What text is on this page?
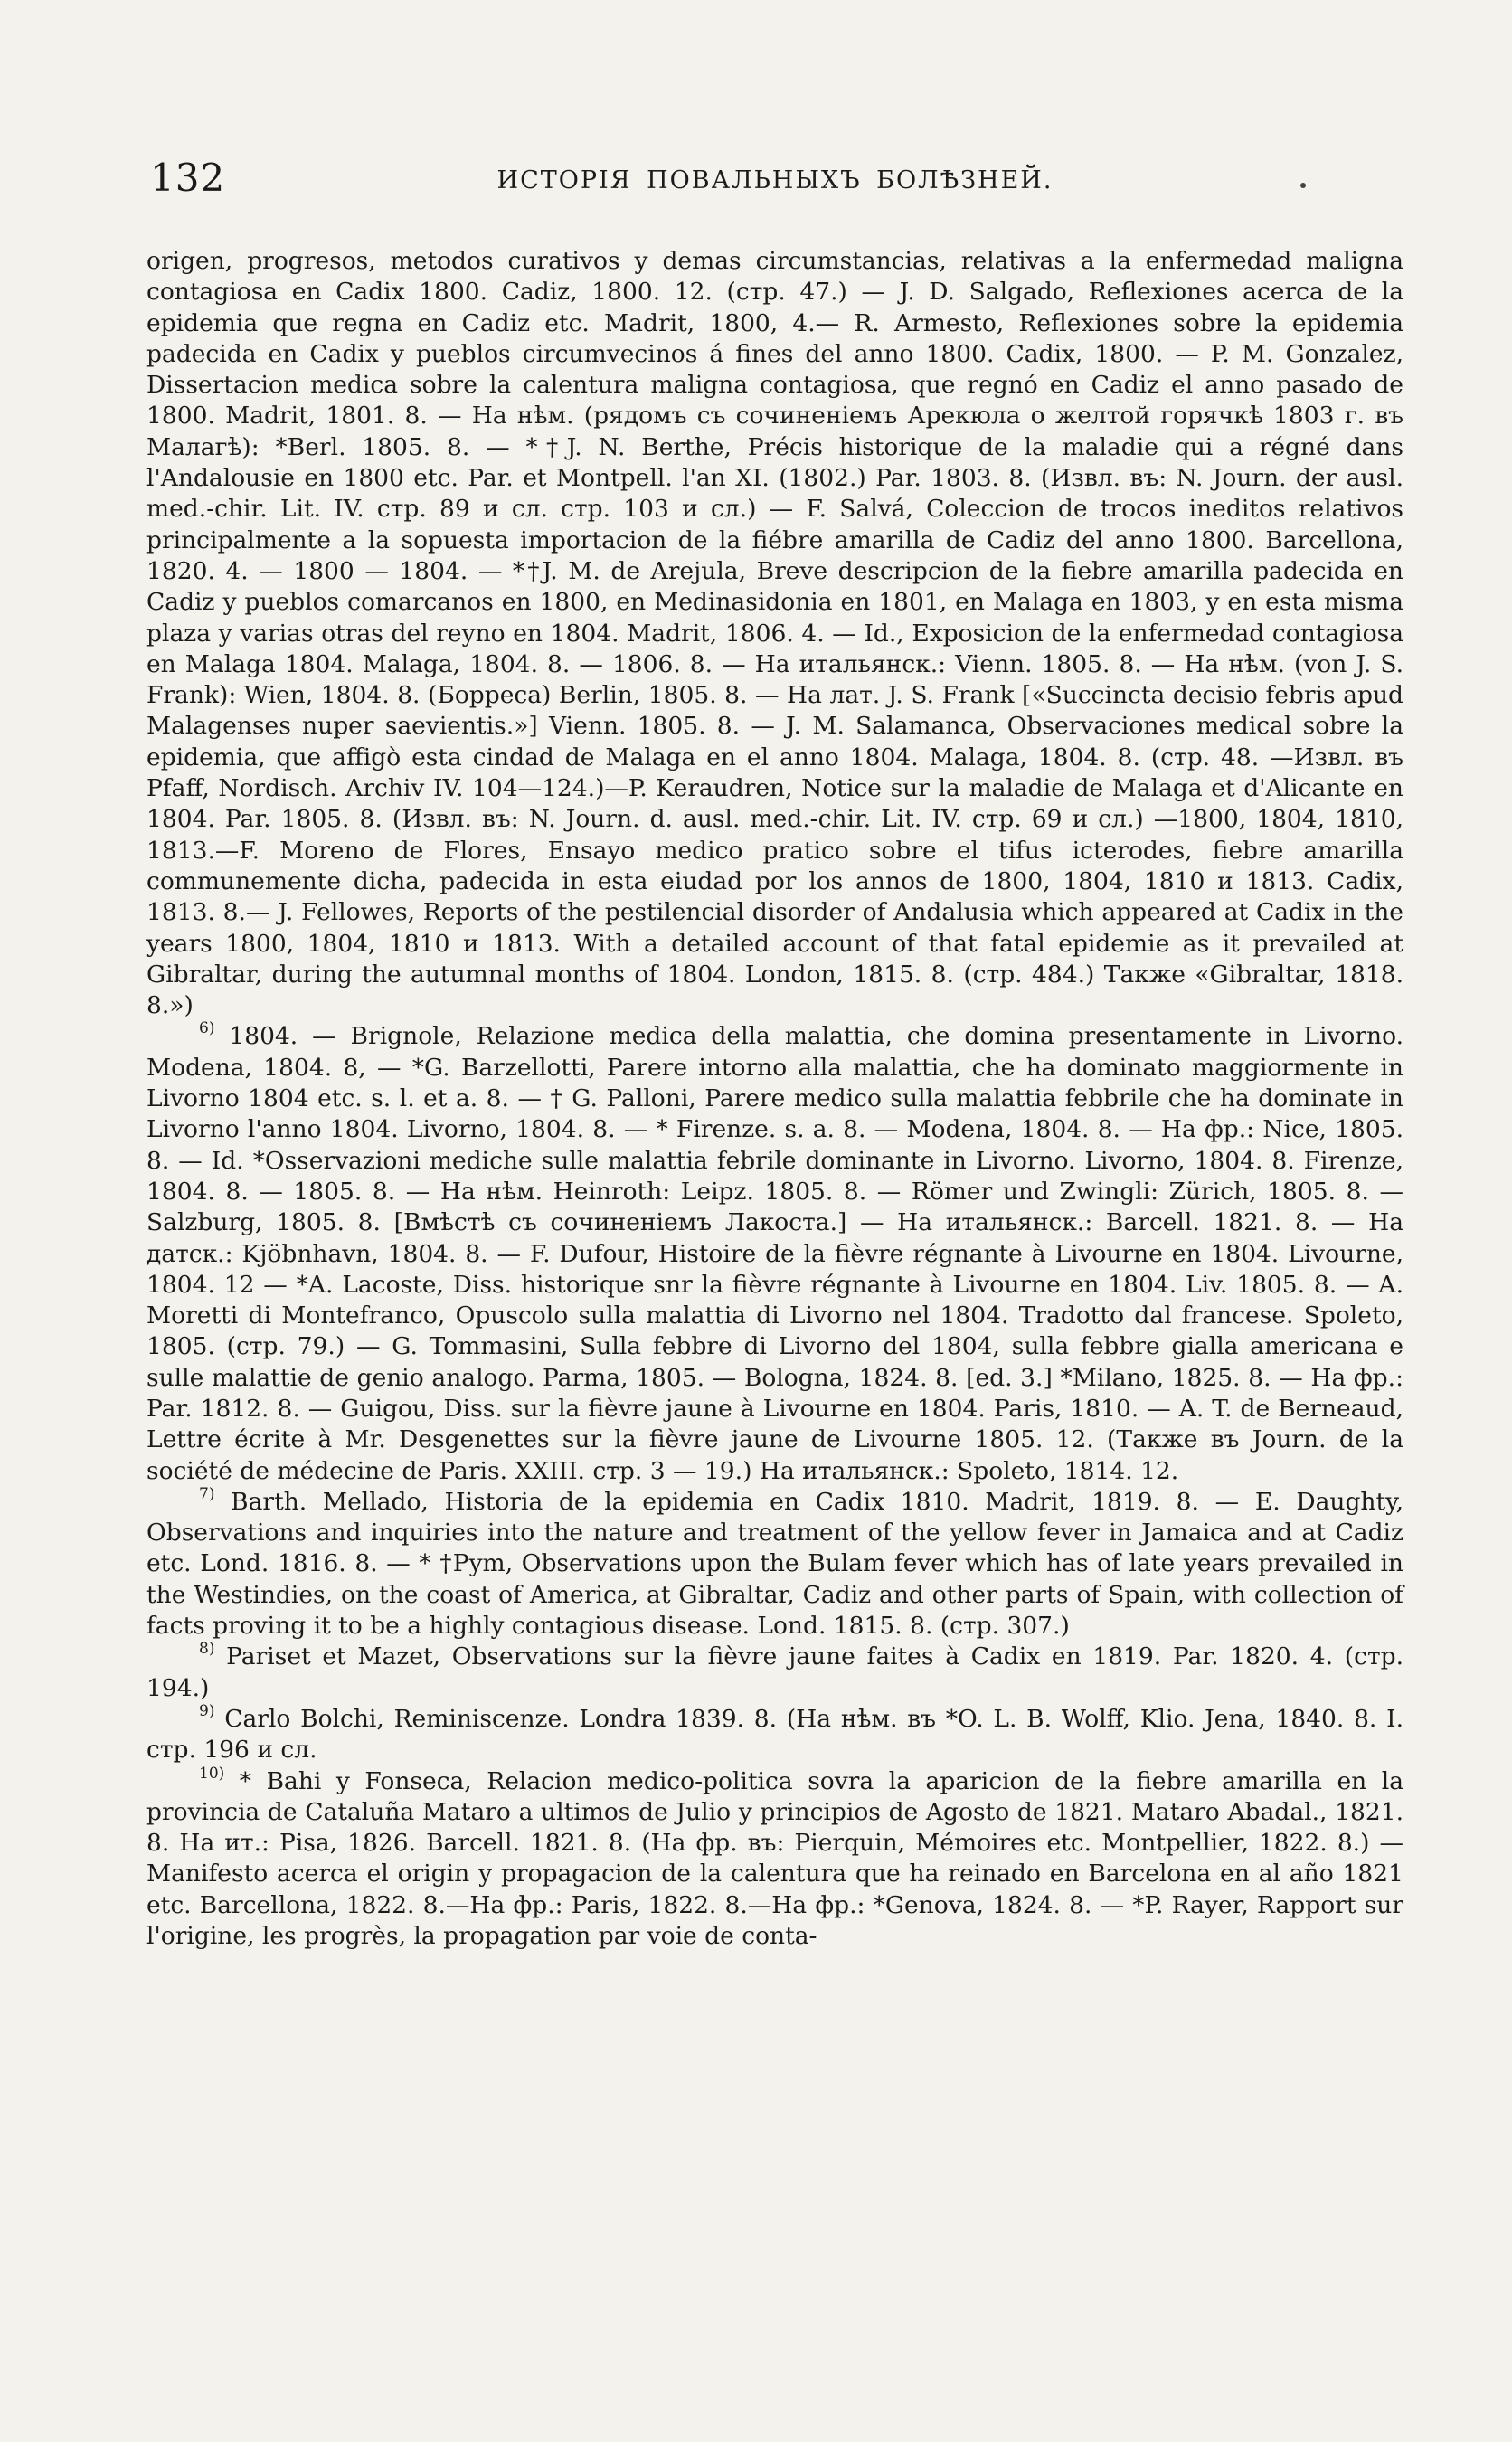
132	ИСТОРІЯ ПОВАЛЬНЫХЪ БОЛѢЗНЕЙ.

origen, progresos, metodos curativos y demas circumstancias, relativas a la enfermedad maligna contagiosa en Cadix 1800. Cadiz, 1800. 12. (стр. 47.) — J. D. Salgado, Reflexiones acerca de la epidemia que regna en Cadiz etc. Madrit, 1800, 4.— R. Armesto, Reflexiones sobre la epidemia padecida en Cadix y pueblos circumvecinos á fines del anno 1800. Cadix, 1800. — P. M. Gonzalez, Dissertacion medica sobre la calentura maligna contagiosa, que regnó en Cadiz el anno pasado de 1800. Madrit, 1801. 8. — На нѣм. (рядомъ съ сочиненіемъ Арекюла о желтой горячкѣ 1803 г. въ Малагѣ): *Berl. 1805. 8. — *†J. N. Berthe, Précis historique de la maladie qui a régné dans l'Andalousie en 1800 etc. Par. et Montpell. l'an XI. (1802.) Par. 1803. 8. (Извл. въ: N. Journ. der ausl. med.-chir. Lit. IV. стр. 89 и сл. стр. 103 и сл.) — F. Salvá, Coleccion de trocos ineditos relativos principalmente a la sopuesta importacion de la fiébre amarilla de Cadiz del anno 1800. Barcellona, 1820. 4. — 1800 — 1804. — *†J. M. de Arejula, Breve descripcion de la fiebre amarilla padecida en Cadiz y pueblos comarcanos en 1800, en Medinasidonia en 1801, en Malaga en 1803, y en esta misma plaza y varias otras del reyno en 1804. Madrit, 1806. 4. — Id., Exposicion de la enfermedad contagiosa en Malaga 1804. Malaga, 1804. 8. — 1806. 8. — На итальянск.: Vienn. 1805. 8. — На нѣм. (von J. S. Frank): Wien, 1804. 8. (Борреса) Berlin, 1805. 8. — На лат. J. S. Frank [«Succincta decisio febris apud Malagenses nuper saevientis.»] Vienn. 1805. 8. — J. M. Salamanca, Observaciones medical sobre la epidemia, que affigò esta cindad de Malaga en el anno 1804. Malaga, 1804. 8. (стр. 48. —Извл. въ Pfaff, Nordisch. Archiv IV. 104—124.)—P. Keraudren, Notice sur la maladie de Malaga et d'Alicante en 1804. Par. 1805. 8. (Извл. въ: N. Journ. d. ausl. med.-chir. Lit. IV. стр. 69 и сл.) —1800, 1804, 1810, 1813.—F. Moreno de Flores, Ensayo medico pratico sobre el tifus icterodes, fiebre amarilla communemente dicha, padecida in esta eiudad por los annos de 1800, 1804, 1810 и 1813. Cadix, 1813. 8.— J. Fellowes, Reports of the pestilencial disorder of Andalusia which appeared at Cadix in the years 1800, 1804, 1810 и 1813. With a detailed account of that fatal epidemie as it prevailed at Gibraltar, during the autumnal months of 1804. London, 1815. 8. (стр. 484.) Также «Gibraltar, 1818. 8.»)

$^{6)}$ 1804. — Brignole, Relazione medica della malattia, che domina presentamente in Livorno. Modena, 1804. 8, — *G. Barzellotti, Parere intorno alla malattia, che ha dominato maggiormente in Livorno 1804 etc. s. l. et a. 8. — † G. Palloni, Parere medico sulla malattia febbrile che ha dominate in Livorno l'anno 1804. Livorno, 1804. 8. — * Firenze. s. a. 8. — Modena, 1804. 8. — На фр.: Nice, 1805. 8. — Id. *Osservazioni mediche sulle malattia febrile dominante in Livorno. Livorno, 1804. 8. Firenze, 1804. 8. — 1805. 8. — На нѣм. Heinroth: Leipz. 1805. 8. — Römer und Zwingli: Zürich, 1805. 8. — Salzburg, 1805. 8. [Вмѣстѣ съ сочиненіемъ Лакоста.] — На итальянск.: Barcell. 1821. 8. — На датск.: Kjöbnhavn, 1804. 8. — F. Dufour, Histoire de la fièvre régnante à Livourne en 1804. Livourne, 1804. 12 — *A. Lacoste, Diss. historique snr la fièvre régnante à Livourne en 1804. Liv. 1805. 8. — A. Moretti di Montefranco, Opuscolo sulla malattia di Livorno nel 1804. Tradotto dal francese. Spoleto, 1805. (стр. 79.) — G. Tommasini, Sulla febbre di Livorno del 1804, sulla febbre gialla americana e sulle malattie de genio analogo. Parma, 1805. — Bologna, 1824. 8. [ed. 3.] *Milano, 1825. 8. — На фр.: Par. 1812. 8. — Guigou, Diss. sur la fièvre jaune à Livourne en 1804. Paris, 1810. — A. T. de Berneaud, Lettre écrite à Mr. Desgenettes sur la fièvre jaune de Livourne 1805. 12. (Также въ Journ. de la société de médecine de Paris. XXIII. стр. 3 — 19.) На итальянск.: Spoleto, 1814. 12.

$^{7)}$ Barth. Mellado, Historia de la epidemia en Cadix 1810. Madrit, 1819. 8. — E. Daughty, Observations and inquiries into the nature and treatment of the yellow fever in Jamaica and at Cadiz etc. Lond. 1816. 8. — * †Pym, Observations upon the Bulam fever which has of late years prevailed in the Westindies, on the coast of America, at Gibraltar, Cadiz and other parts of Spain, with collection of facts proving it to be a highly contagious disease. Lond. 1815. 8. (стр. 307.)

$^{8)}$ Pariset et Mazet, Observations sur la fièvre jaune faites à Cadix en 1819. Par. 1820. 4. (стр. 194.)

$^{9)}$ Carlo Bolchi, Reminiscenze. Londra 1839. 8. (На нѣм. въ *O. L. B. Wolff, Klio. Jena, 1840. 8. I. стр. 196 и сл.

$^{10)}$ * Bahi y Fonseca, Relacion medico-politica sovra la aparicion de la fiebre amarilla en la provincia de Cataluña Mataro a ultimos de Julio y principios de Agosto de 1821. Mataro Abadal., 1821. 8. На ит.: Pisa, 1826. Barcell. 1821. 8. (На фр. въ: Pierquin, Mémoires etc. Montpellier, 1822. 8.) — Manifesto acerca el origin y propagacion de la calentura que ha reinado en Barcelona en al año 1821 etc. Barcellona, 1822. 8.—На фр.: Paris, 1822. 8.—На фр.: *Genova, 1824. 8. — *P. Rayer, Rapport sur l'origine, les progrès, la propagation par voie de conta-
